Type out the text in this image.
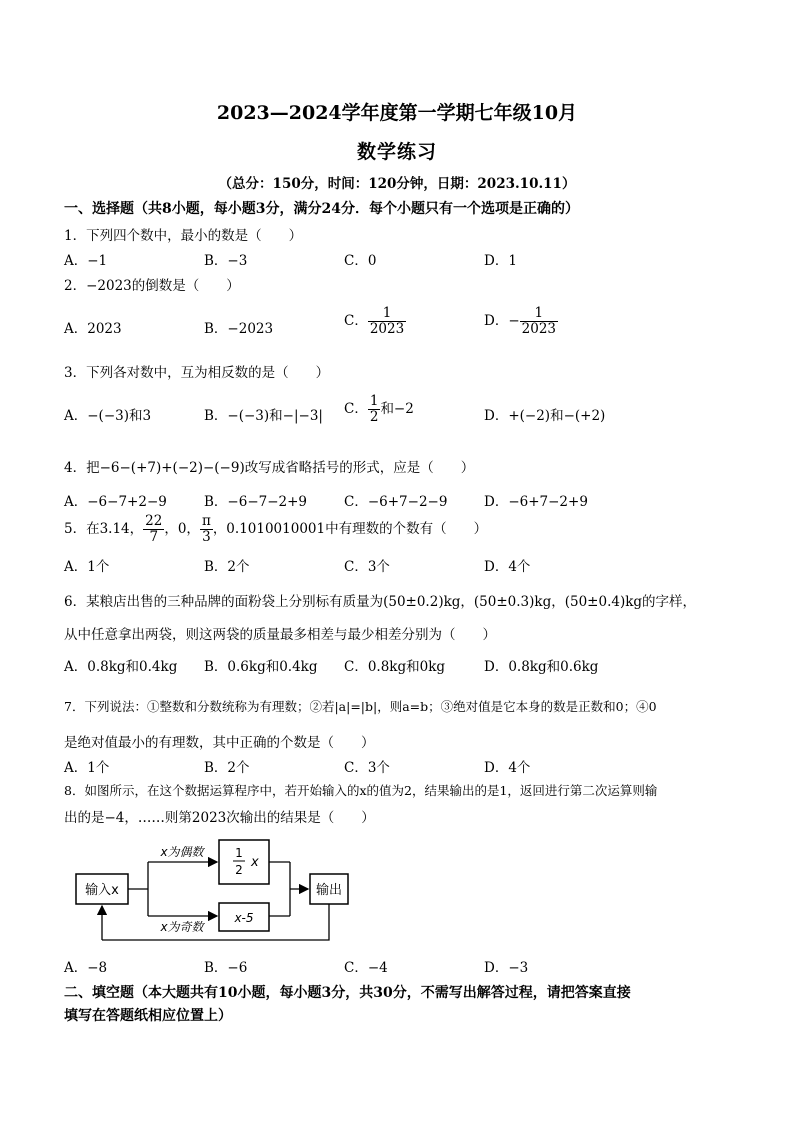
2023—2024学年度第一学期七年级10月
数学练习
（总分：150分，时间：120分钟，日期：2023.10.11）
一、选择题（共8小题，每小题3分，满分24分．每个小题只有一个选项是正确的）
1．下列四个数中，最小的数是（　　）
A．−1	B．−3	C．0	D．1
2．−2023的倒数是（　　）
A．2023	B．−2023
C． $\frac{1}{2023}$	D．− $\frac{1}{2023}$
3．下列各对数中，互为相反数的是（　　）
A．−(−3)和3	B．−(−3)和−|−3| C． $\frac{1}{2}$ 和−2	D．+(−2)和−(+2)
4．把−6−(+7)+(−2)−(−9)改写成省略括号的形式，应是（　　）
A．−6−7+2−9	B．−6−7−2+9	C．−6+7−2−9	D．−6+7−2+9
5．在3.14， $\frac{22}{7}$ ，0， $\frac{\pi}{3}$ ，0.1010010001中有理数的个数有（　　）
A．1个	B．2个	C．3个	D．4个
6．某粮店出售的三种品牌的面粉袋上分别标有质量为(50±0.2)kg，(50±0.3)kg，(50±0.4)kg的字样，
从中任意拿出两袋，则这两袋的质量最多相差与最少相差分别为（　　）
A．0.8kg和0.4kg B．0.6kg和0.4kg C．0.8kg和0kg	D．0.8kg和0.6kg
7．下列说法：①整数和分数统称为有理数；②若|a|=|b|，则a=b；③绝对值是它本身的数是正数和0；④0
是绝对值最小的有理数，其中正确的个数是（　　）
A．1个	B．2个	C．3个	D．4个
8．如图所示，在这个数据运算程序中，若开始输入的x的值为2，结果输出的是1，返回进行第二次运算则输
出的是−4，……则第2023次输出的结果是（　　）
输入x
x为偶数
x为奇数
1
2 x
x-5
输出
A．−8	B．−6	C．−4	D．−3
二、填空题（本大题共有10小题，每小题3分，共30分，不需写出解答过程，请把答案直接
填写在答题纸相应位置上）
